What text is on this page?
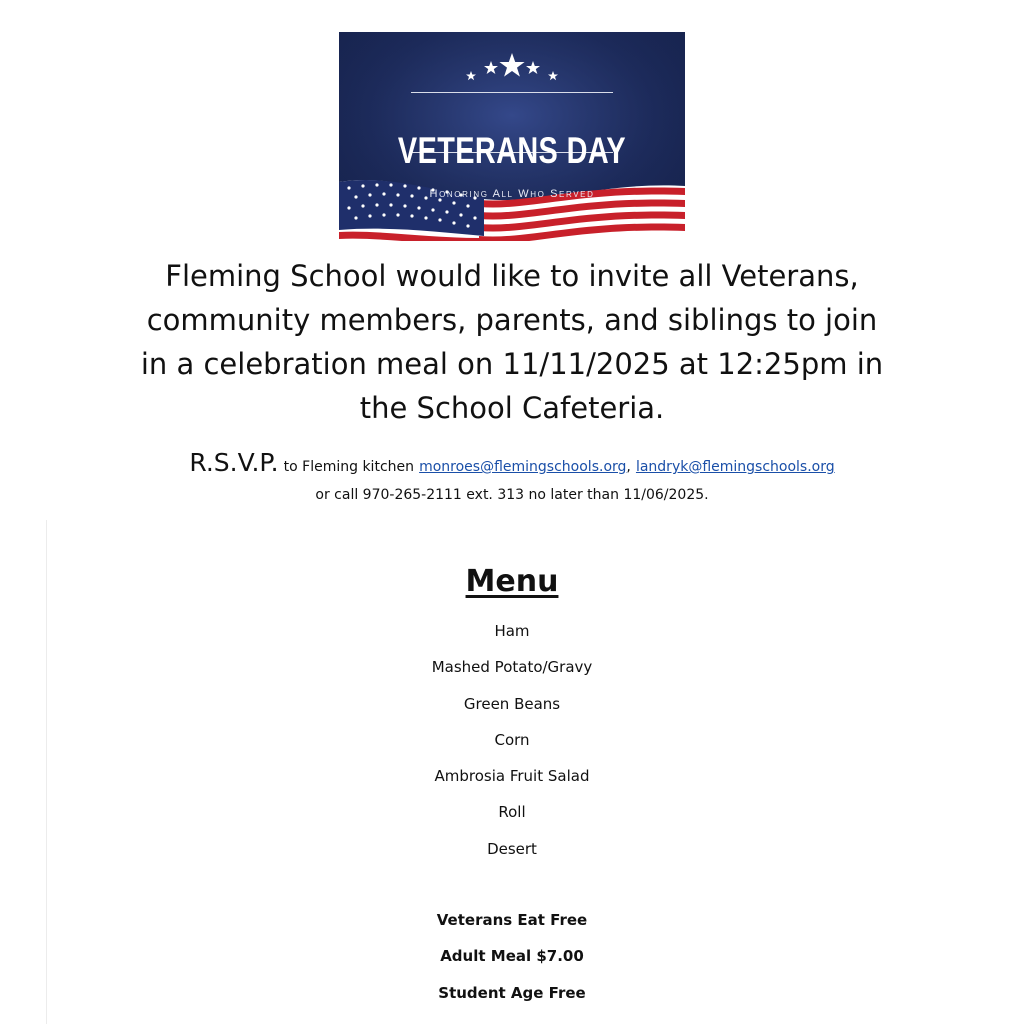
VETERANS DAY
Honoring All Who Served
Fleming School would like to invite all Veterans,
community members, parents, and siblings to join
in a celebration meal on 11/11/2025 at 12:25pm in
the School Cafeteria.
R.S.V.P. to Fleming kitchen monroes@flemingschools.org, landryk@flemingschools.org
or call 970-265-2111 ext. 313 no later than 11/06/2025.
Menu
Ham
Mashed Potato/Gravy
Green Beans
Corn
Ambrosia Fruit Salad
Roll
Desert
Veterans Eat Free
Adult Meal $7.00
Student Age Free
